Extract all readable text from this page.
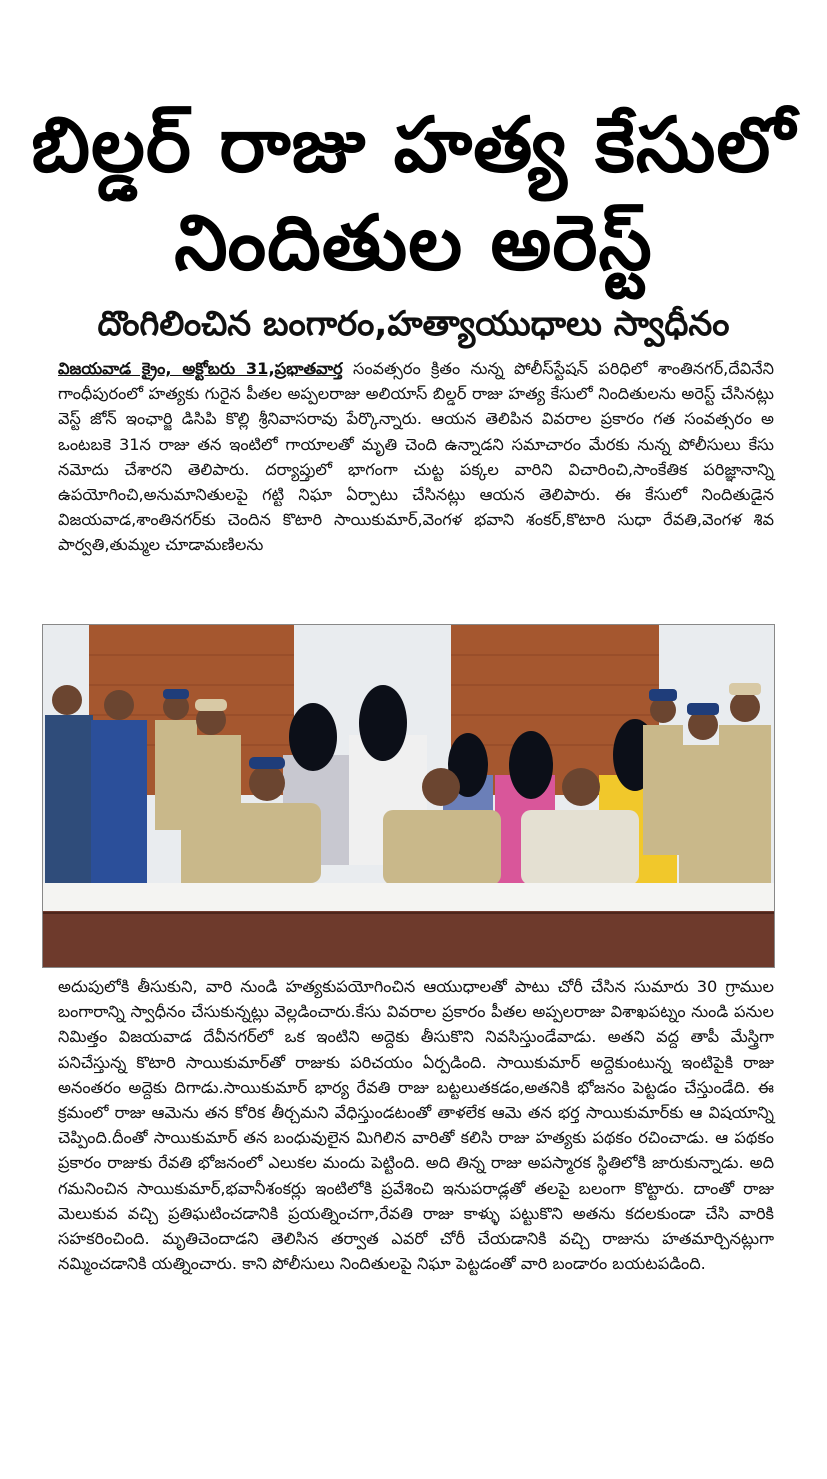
బిల్డర్ రాజు హత్య కేసులో
నిందితుల అరెస్ట్
దొంగిలించిన బంగారం,హత్యాయుధాలు స్వాధీనం
విజయవాడ క్రైం, అక్టోబరు 31,ప్రభాతవార్త సంవత్సరం క్రితం నున్న పోలీస్‌స్టేషన్ పరిధిలో శాంతినగర్,దేవినేని గాంధీపురంలో హత్యకు గురైన పీతల అప్పలరాజు అలియాస్ బిల్డర్ రాజు హత్య కేసులో నిందితులను అరెస్ట్ చేసినట్లు వెస్ట్ జోన్ ఇంఛార్జి డిసిపి కొల్లి శ్రీనివాసరావు పేర్కొన్నారు. ఆయన తెలిపిన వివరాల ప్రకారం గత సంవత్సరం అ ఒంటబకె 31న రాజు తన ఇంటిలో గాయాలతో మృతి చెంది ఉన్నాడని సమాచారం మేరకు నున్న పోలీసులు కేసు నమోదు చేశారని తెలిపారు. దర్యాప్తులో భాగంగా చుట్ట పక్కల వారిని విచారించి,సాంకేతిక పరిజ్ఞానాన్ని ఉపయోగించి,అనుమానితులపై గట్టి నిఘా ఏర్పాటు చేసినట్లు ఆయన తెలిపారు. ఈ కేసులో నిందితుడైన విజయవాడ,శాంతినగర్‌కు చెందిన కొటారి సాయికుమార్,వెంగళ భవాని శంకర్,కొటారి సుధా రేవతి,వెంగళ శివ పార్వతి,తుమ్మల చూడామణిలను
అదుపులోకి తీసుకుని, వారి నుండి హత్యకుపయోగించిన ఆయుధాలతో పాటు చోరీ చేసిన సుమారు 30 గ్రాముల బంగారాన్ని స్వాధీనం చేసుకున్నట్లు వెల్లడించారు.కేసు వివరాల ప్రకారం పీతల అప్పలరాజు విశాఖపట్నం నుండి పనుల నిమిత్తం విజయవాడ దేవీనగర్‌లో ఒక ఇంటిని అద్దెకు తీసుకొని నివసిస్తుండేవాడు. అతని వద్ద తాపీ మేస్త్రిగా పనిచేస్తున్న కొటారి సాయికుమార్‌తో రాజుకు పరిచయం ఏర్పడింది. సాయికుమార్ అద్దెకుంటున్న ఇంటిపైకి రాజు అనంతరం అద్దెకు దిగాడు.సాయికుమార్ భార్య రేవతి రాజు బట్టలుతకడం,అతనికి భోజనం పెట్టడం చేస్తుండేది. ఈ క్రమంలో రాజు ఆమెను తన కోరిక తీర్చమని వేధిస్తుండటంతో తాళలేక ఆమె తన భర్త సాయికుమార్‌కు ఆ విషయాన్ని చెప్పింది.దీంతో సాయికుమార్ తన బంధువులైన మిగిలిన వారితో కలిసి రాజు హత్యకు పథకం రచించాడు. ఆ పథకం ప్రకారం రాజుకు రేవతి భోజనంలో ఎలుకల మందు పెట్టింది. అది తిన్న రాజు అపస్మారక స్థితిలోకి జారుకున్నాడు. అది గమనించిన సాయికుమార్,భవానీశంకర్లు ఇంటిలోకి ప్రవేశించి ఇనుపరాడ్లతో తలపై బలంగా కొట్టారు. దాంతో రాజు మెలుకువ వచ్చి ప్రతిఘటించడానికి ప్రయత్నించగా,రేవతి రాజు కాళ్ళు పట్టుకొని అతను కదలకుండా చేసి వారికి సహకరించింది. మృతిచెందాడని తెలిసిన తర్వాత ఎవరో చోరీ చేయడానికి వచ్చి రాజును హతమార్చినట్లుగా నమ్మించడానికి యత్నించారు. కాని పోలీసులు నిందితులపై నిఘా పెట్టడంతో వారి బండారం బయటపడింది.
